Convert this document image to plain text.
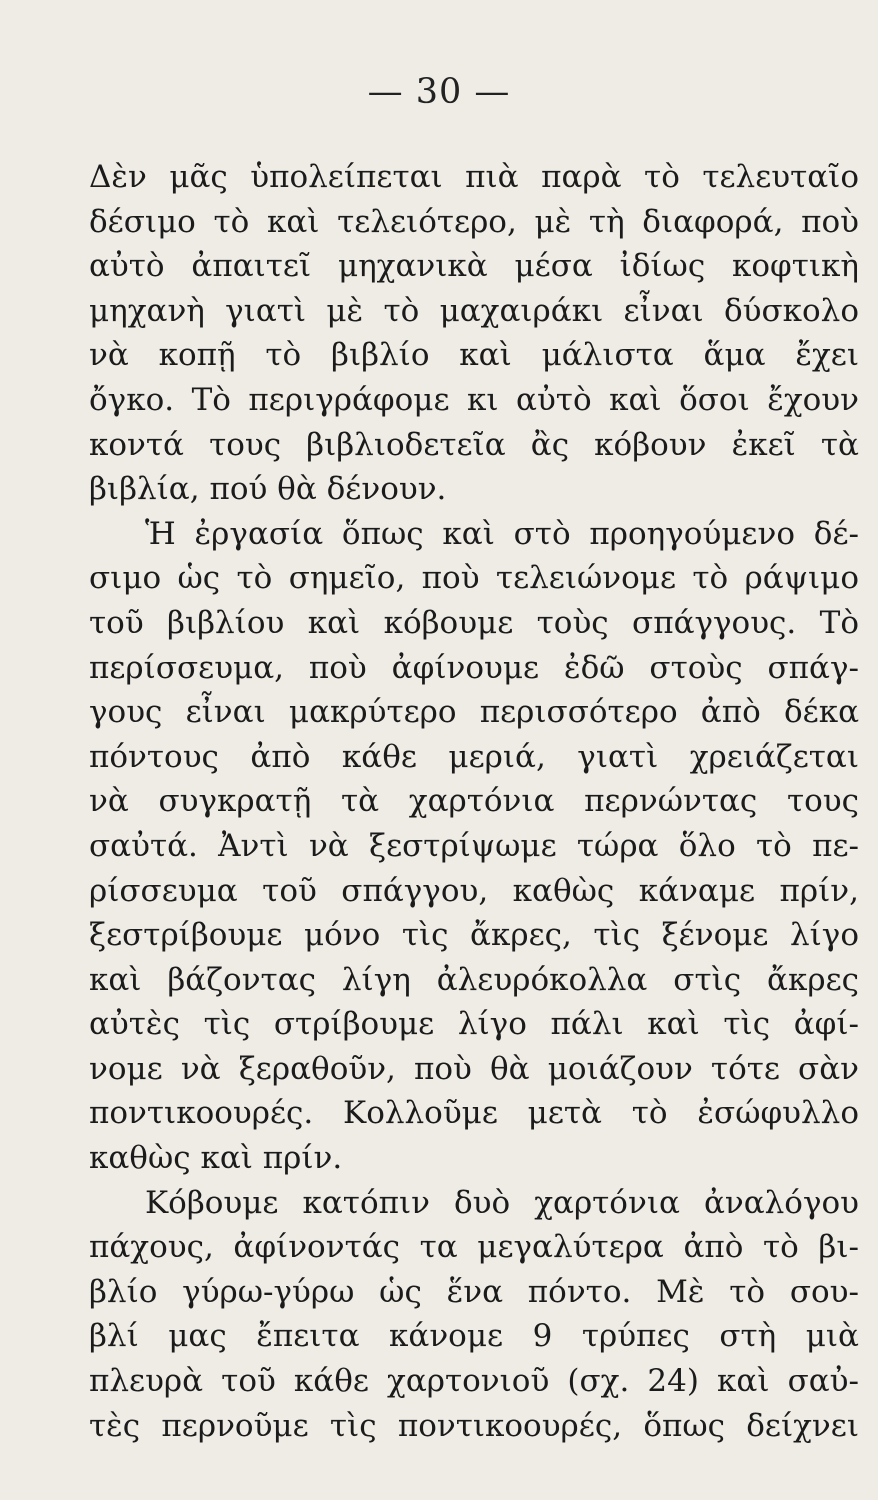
— 30 —
Δὲν μᾶς ὑπολείπεται πιὰ παρὰ τὸ τελευταῖο
δέσιμο τὸ καὶ τελειότερο, μὲ τὴ διαφορά, ποὺ
αὐτὸ ἀπαιτεῖ μηχανικὰ μέσα ἰδίως κοφτικὴ
μηχανὴ γιατὶ μὲ τὸ μαχαιράκι εἶναι δύσκολο
νὰ κοπῇ τὸ βιβλίο καὶ μάλιστα ἅμα ἔχει
ὄγκο. Τὸ περιγράφομε κι αὐτὸ καὶ ὅσοι ἔχουν
κοντά τους βιβλιοδετεῖα ἂς κόβουν ἐκεῖ τὰ
βιβλία, πού θὰ δένουν.
Ἡ ἐργασία ὅπως καὶ στὸ προηγούμενο δέ-
σιμο ὡς τὸ σημεῖο, ποὺ τελειώνομε τὸ ράψιμο
τοῦ βιβλίου καὶ κόβουμε τοὺς σπάγγους. Τὸ
περίσσευμα, ποὺ ἀφίνουμε ἐδῶ στοὺς σπάγ-
γους εἶναι μακρύτερο περισσότερο ἀπὸ δέκα
πόντους ἀπὸ κάθε μεριά, γιατὶ χρειάζεται
νὰ συγκρατῇ τὰ χαρτόνια περνώντας τους
σαὐτά. Ἀντὶ νὰ ξεστρίψωμε τώρα ὅλο τὸ πε-
ρίσσευμα τοῦ σπάγγου, καθὼς κάναμε πρίν,
ξεστρίβουμε μόνο τὶς ἄκρες, τὶς ξένομε λίγο
καὶ βάζοντας λίγη ἀλευρόκολλα στὶς ἄκρες
αὐτὲς τὶς στρίβουμε λίγο πάλι καὶ τὶς ἀφί-
νομε νὰ ξεραθοῦν, ποὺ θὰ μοιάζουν τότε σὰν
ποντικοουρές. Κολλοῦμε μετὰ τὸ ἐσώφυλλο
καθὼς καὶ πρίν.
Κόβουμε κατόπιν δυὸ χαρτόνια ἀναλόγου
πάχους, ἀφίνοντάς τα μεγαλύτερα ἀπὸ τὸ βι-
βλίο γύρω-γύρω ὡς ἕνα πόντο. Μὲ τὸ σου-
βλί μας ἔπειτα κάνομε 9 τρύπες στὴ μιὰ
πλευρὰ τοῦ κάθε χαρτονιοῦ (σχ. 24) καὶ σαὐ-
τὲς περνοῦμε τὶς ποντικοουρές, ὅπως δείχνει
